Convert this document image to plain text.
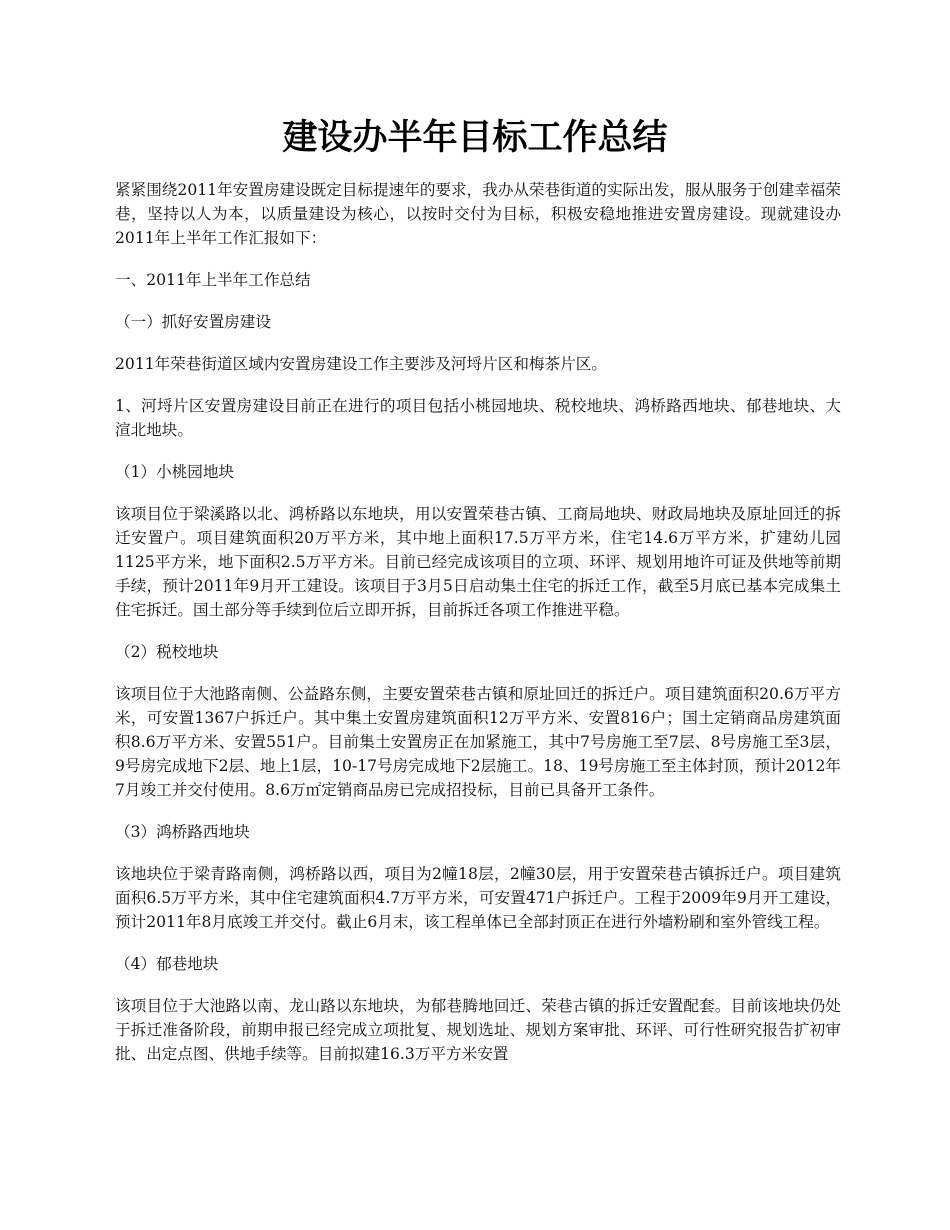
建设办半年目标工作总结

紧紧围绕2011年安置房建设既定目标提速年的要求，我办从荣巷街道的实际出发，服从服务于创建幸福荣巷，坚持以人为本，以质量建设为核心，以按时交付为目标，积极安稳地推进安置房建设。现就建设办2011年上半年工作汇报如下：

一、2011年上半年工作总结

（一）抓好安置房建设

2011年荣巷街道区域内安置房建设工作主要涉及河埒片区和梅茶片区。

1、河埒片区安置房建设目前正在进行的项目包括小桃园地块、税校地块、鸿桥路西地块、郁巷地块、大渲北地块。

（1）小桃园地块

该项目位于梁溪路以北、鸿桥路以东地块，用以安置荣巷古镇、工商局地块、财政局地块及原址回迁的拆迁安置户。项目建筑面积20万平方米，其中地上面积17.5万平方米，住宅14.6万平方米，扩建幼儿园1125平方米，地下面积2.5万平方米。目前已经完成该项目的立项、环评、规划用地许可证及供地等前期手续，预计2011年9月开工建设。该项目于3月5日启动集土住宅的拆迁工作，截至5月底已基本完成集土住宅拆迁。国土部分等手续到位后立即开拆，目前拆迁各项工作推进平稳。

（2）税校地块

该项目位于大池路南侧、公益路东侧，主要安置荣巷古镇和原址回迁的拆迁户。项目建筑面积20.6万平方米，可安置1367户拆迁户。其中集土安置房建筑面积12万平方米、安置816户；国土定销商品房建筑面积8.6万平方米、安置551户。目前集土安置房正在加紧施工，其中7号房施工至7层、8号房施工至3层，9号房完成地下2层、地上1层，10-17号房完成地下2层施工。18、19号房施工至主体封顶，预计2012年7月竣工并交付使用。8.6万㎡定销商品房已完成招投标，目前已具备开工条件。

（3）鸿桥路西地块

该地块位于梁青路南侧，鸿桥路以西，项目为2幢18层，2幢30层，用于安置荣巷古镇拆迁户。项目建筑面积6.5万平方米，其中住宅建筑面积4.7万平方米，可安置471户拆迁户。工程于2009年9月开工建设，预计2011年8月底竣工并交付。截止6月末，该工程单体已全部封顶正在进行外墙粉刷和室外管线工程。

（4）郁巷地块

该项目位于大池路以南、龙山路以东地块，为郁巷腾地回迁、荣巷古镇的拆迁安置配套。目前该地块仍处于拆迁准备阶段，前期申报已经完成立项批复、规划选址、规划方案审批、环评、可行性研究报告扩初审批、出定点图、供地手续等。目前拟建16.3万平方米安置
